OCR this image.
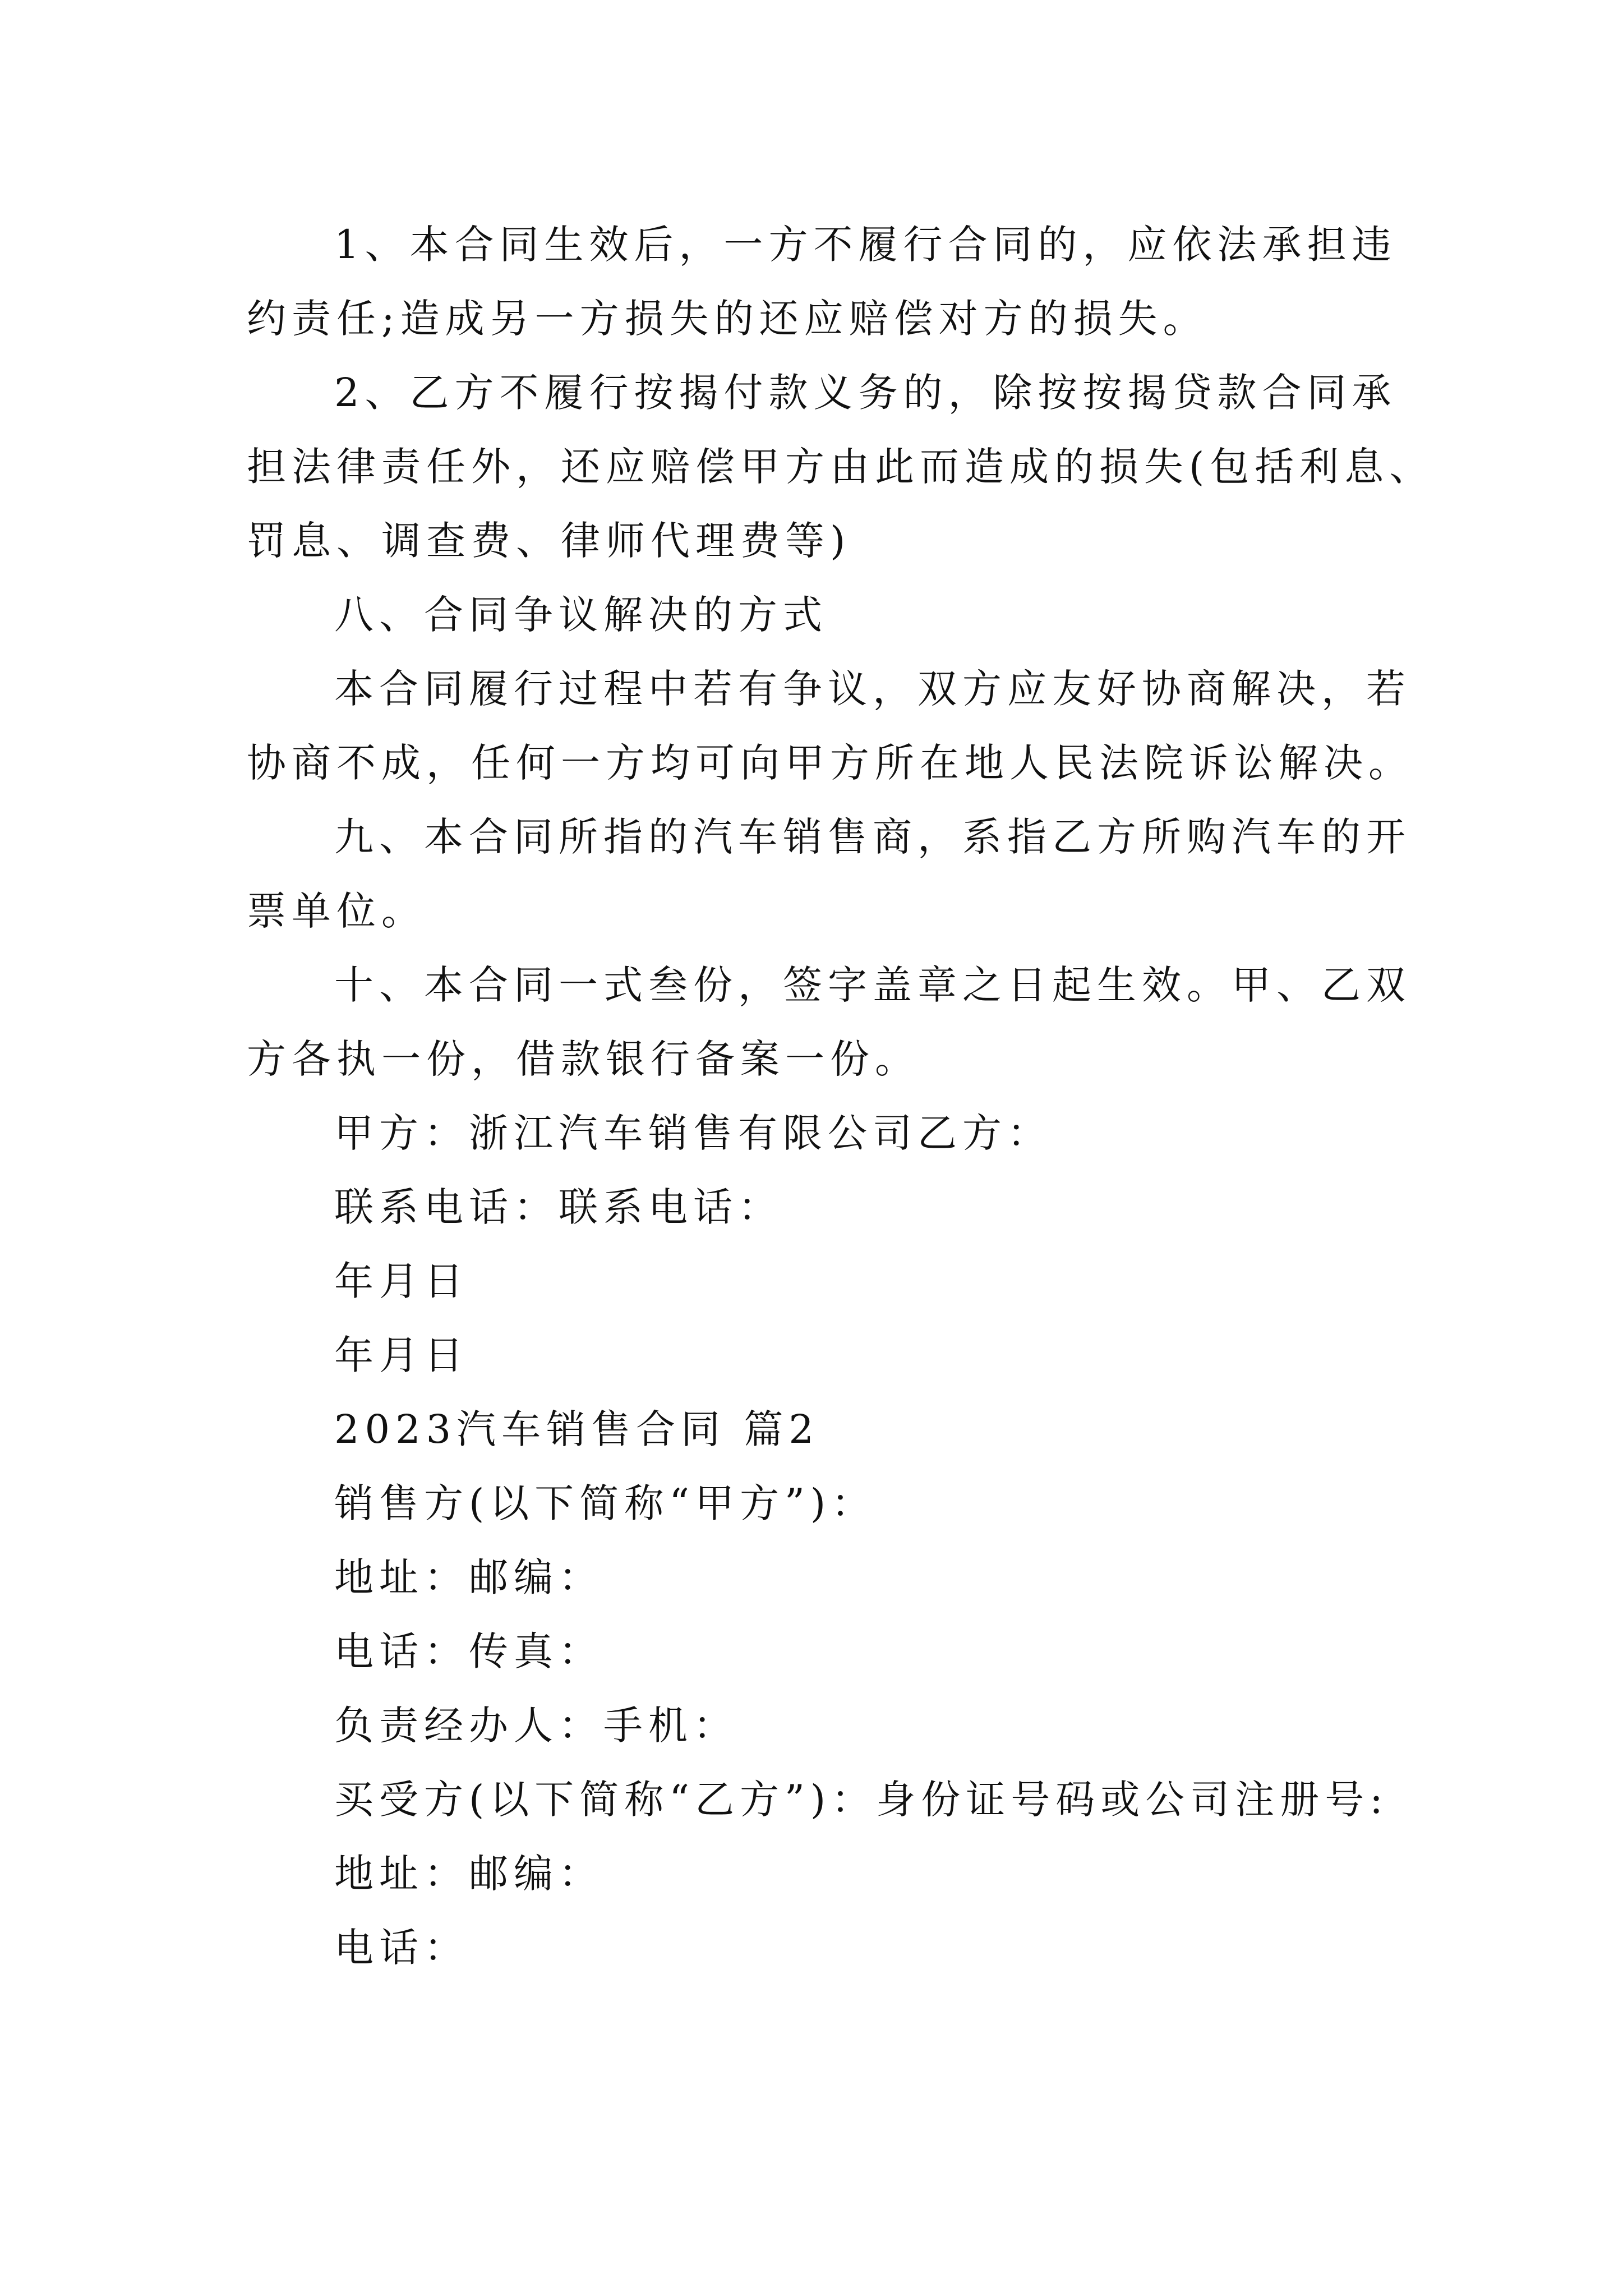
1、本合同生效后，一方不履行合同的，应依法承担违

约责任;造成另一方损失的还应赔偿对方的损失。

2、乙方不履行按揭付款义务的，除按按揭贷款合同承

担法律责任外，还应赔偿甲方由此而造成的损失(包括利息、

罚息、调查费、律师代理费等)

八、合同争议解决的方式

本合同履行过程中若有争议，双方应友好协商解决，若

协商不成，任何一方均可向甲方所在地人民法院诉讼解决。

九、本合同所指的汽车销售商，系指乙方所购汽车的开

票单位。

十、本合同一式叁份，签字盖章之日起生效。甲、乙双

方各执一份，借款银行备案一份。

甲方：浙江汽车销售有限公司乙方：

联系电话：联系电话：

年月日

年月日

2023汽车销售合同 篇2

销售方(以下简称“甲方”)：

地址：邮编：

电话：传真：

负责经办人：手机：

买受方(以下简称“乙方”)：身份证号码或公司注册号:

地址：邮编：

电话：
